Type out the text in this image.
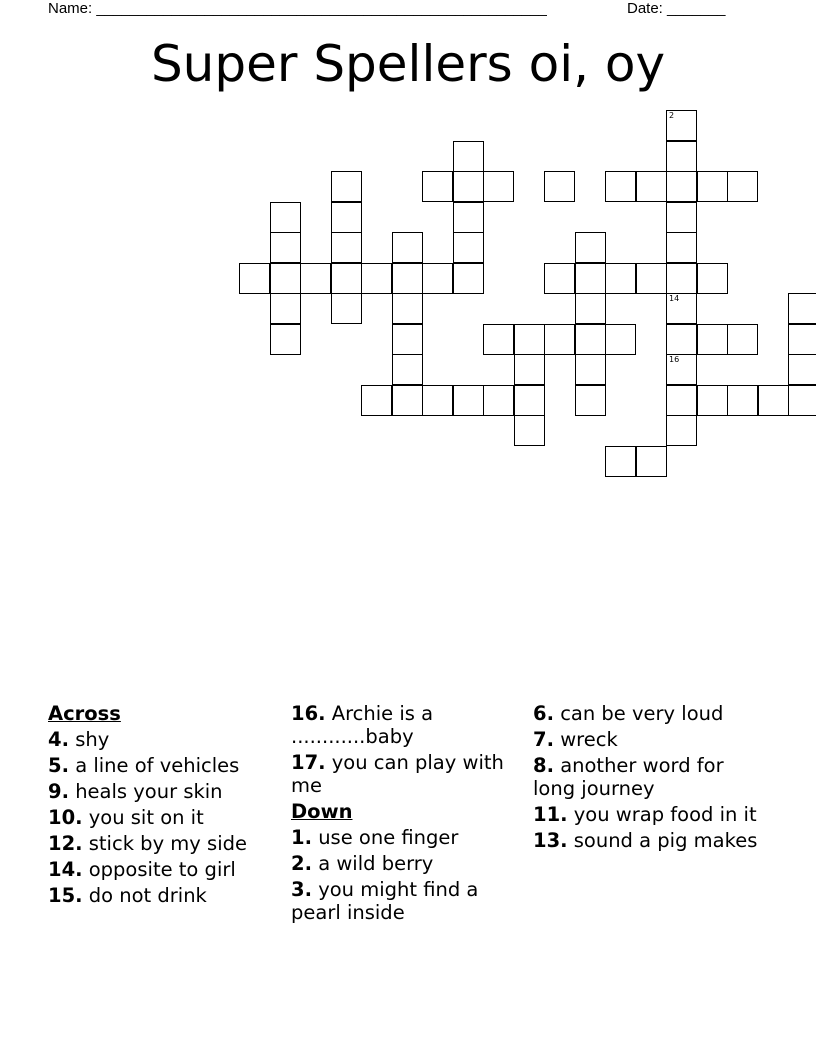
Name: ______________________________________________________	Date: _______
Super Spellers oi, oy
2
14
16
Across
4. shy
5. a line of vehicles
9. heals your skin
10. you sit on it
12. stick by my side
14. opposite to girl
15. do not drink
16. Archie is a ............baby
17. you can play with me
Down
1. use one finger
2. a wild berry
3. you might find a pearl inside
6. can be very loud
7. wreck
8. another word for long journey
11. you wrap food in it
13. sound a pig makes
